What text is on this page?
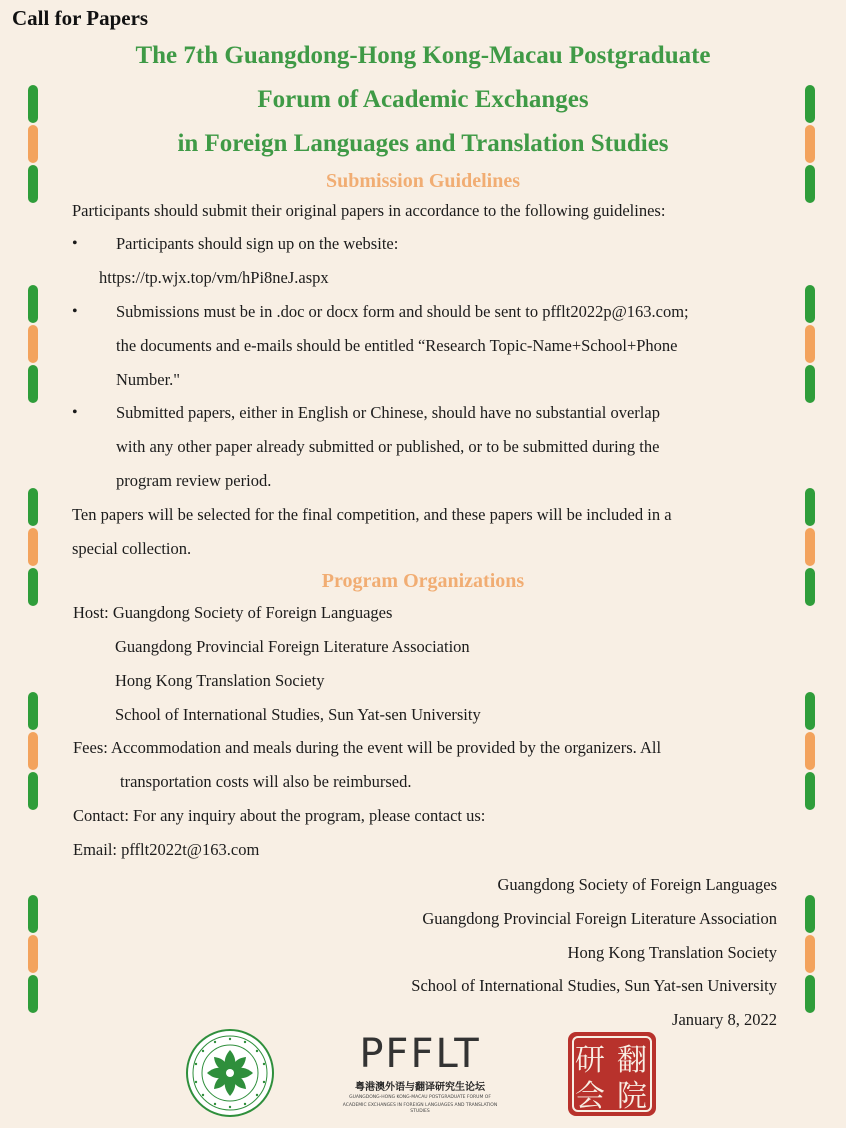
Call for Papers
The 7th Guangdong-Hong Kong-Macau Postgraduate
Forum of Academic Exchanges
in Foreign Languages and Translation Studies
Submission Guidelines
Participants should submit their original papers in accordance to the following guidelines:
• Participants should sign up on the website:
https://tp.wjx.top/vm/hPi8neJ.aspx
• Submissions must be in .doc or docx form and should be sent to pfflt2022p@163.com;
the documents and e-mails should be entitled “Research Topic-Name+School+Phone
Number."
• Submitted papers, either in English or Chinese, should have no substantial overlap
with any other paper already submitted or published, or to be submitted during the
program review period.
Ten papers will be selected for the final competition, and these papers will be included in a
special collection.
Program Organizations
Host: Guangdong Society of Foreign Languages
Guangdong Provincial Foreign Literature Association
Hong Kong Translation Society
School of International Studies, Sun Yat-sen University
Fees: Accommodation and meals during the event will be provided by the organizers. All
transportation costs will also be reimbursed.
Contact: For any inquiry about the program, please contact us:
Email: pfflt2022t@163.com
Guangdong Society of Foreign Languages
Guangdong Provincial Foreign Literature Association
Hong Kong Translation Society
School of International Studies, Sun Yat-sen University
January 8, 2022
PFFLT
粤港澳外语与翻译研究生论坛
GUANGDONG-HONG KONG-MACAU POSTGRADUATE FORUM OF
ACADEMIC EXCHANGES IN FOREIGN LANGUAGES AND TRANSLATION STUDIES
研 翻
会 院
